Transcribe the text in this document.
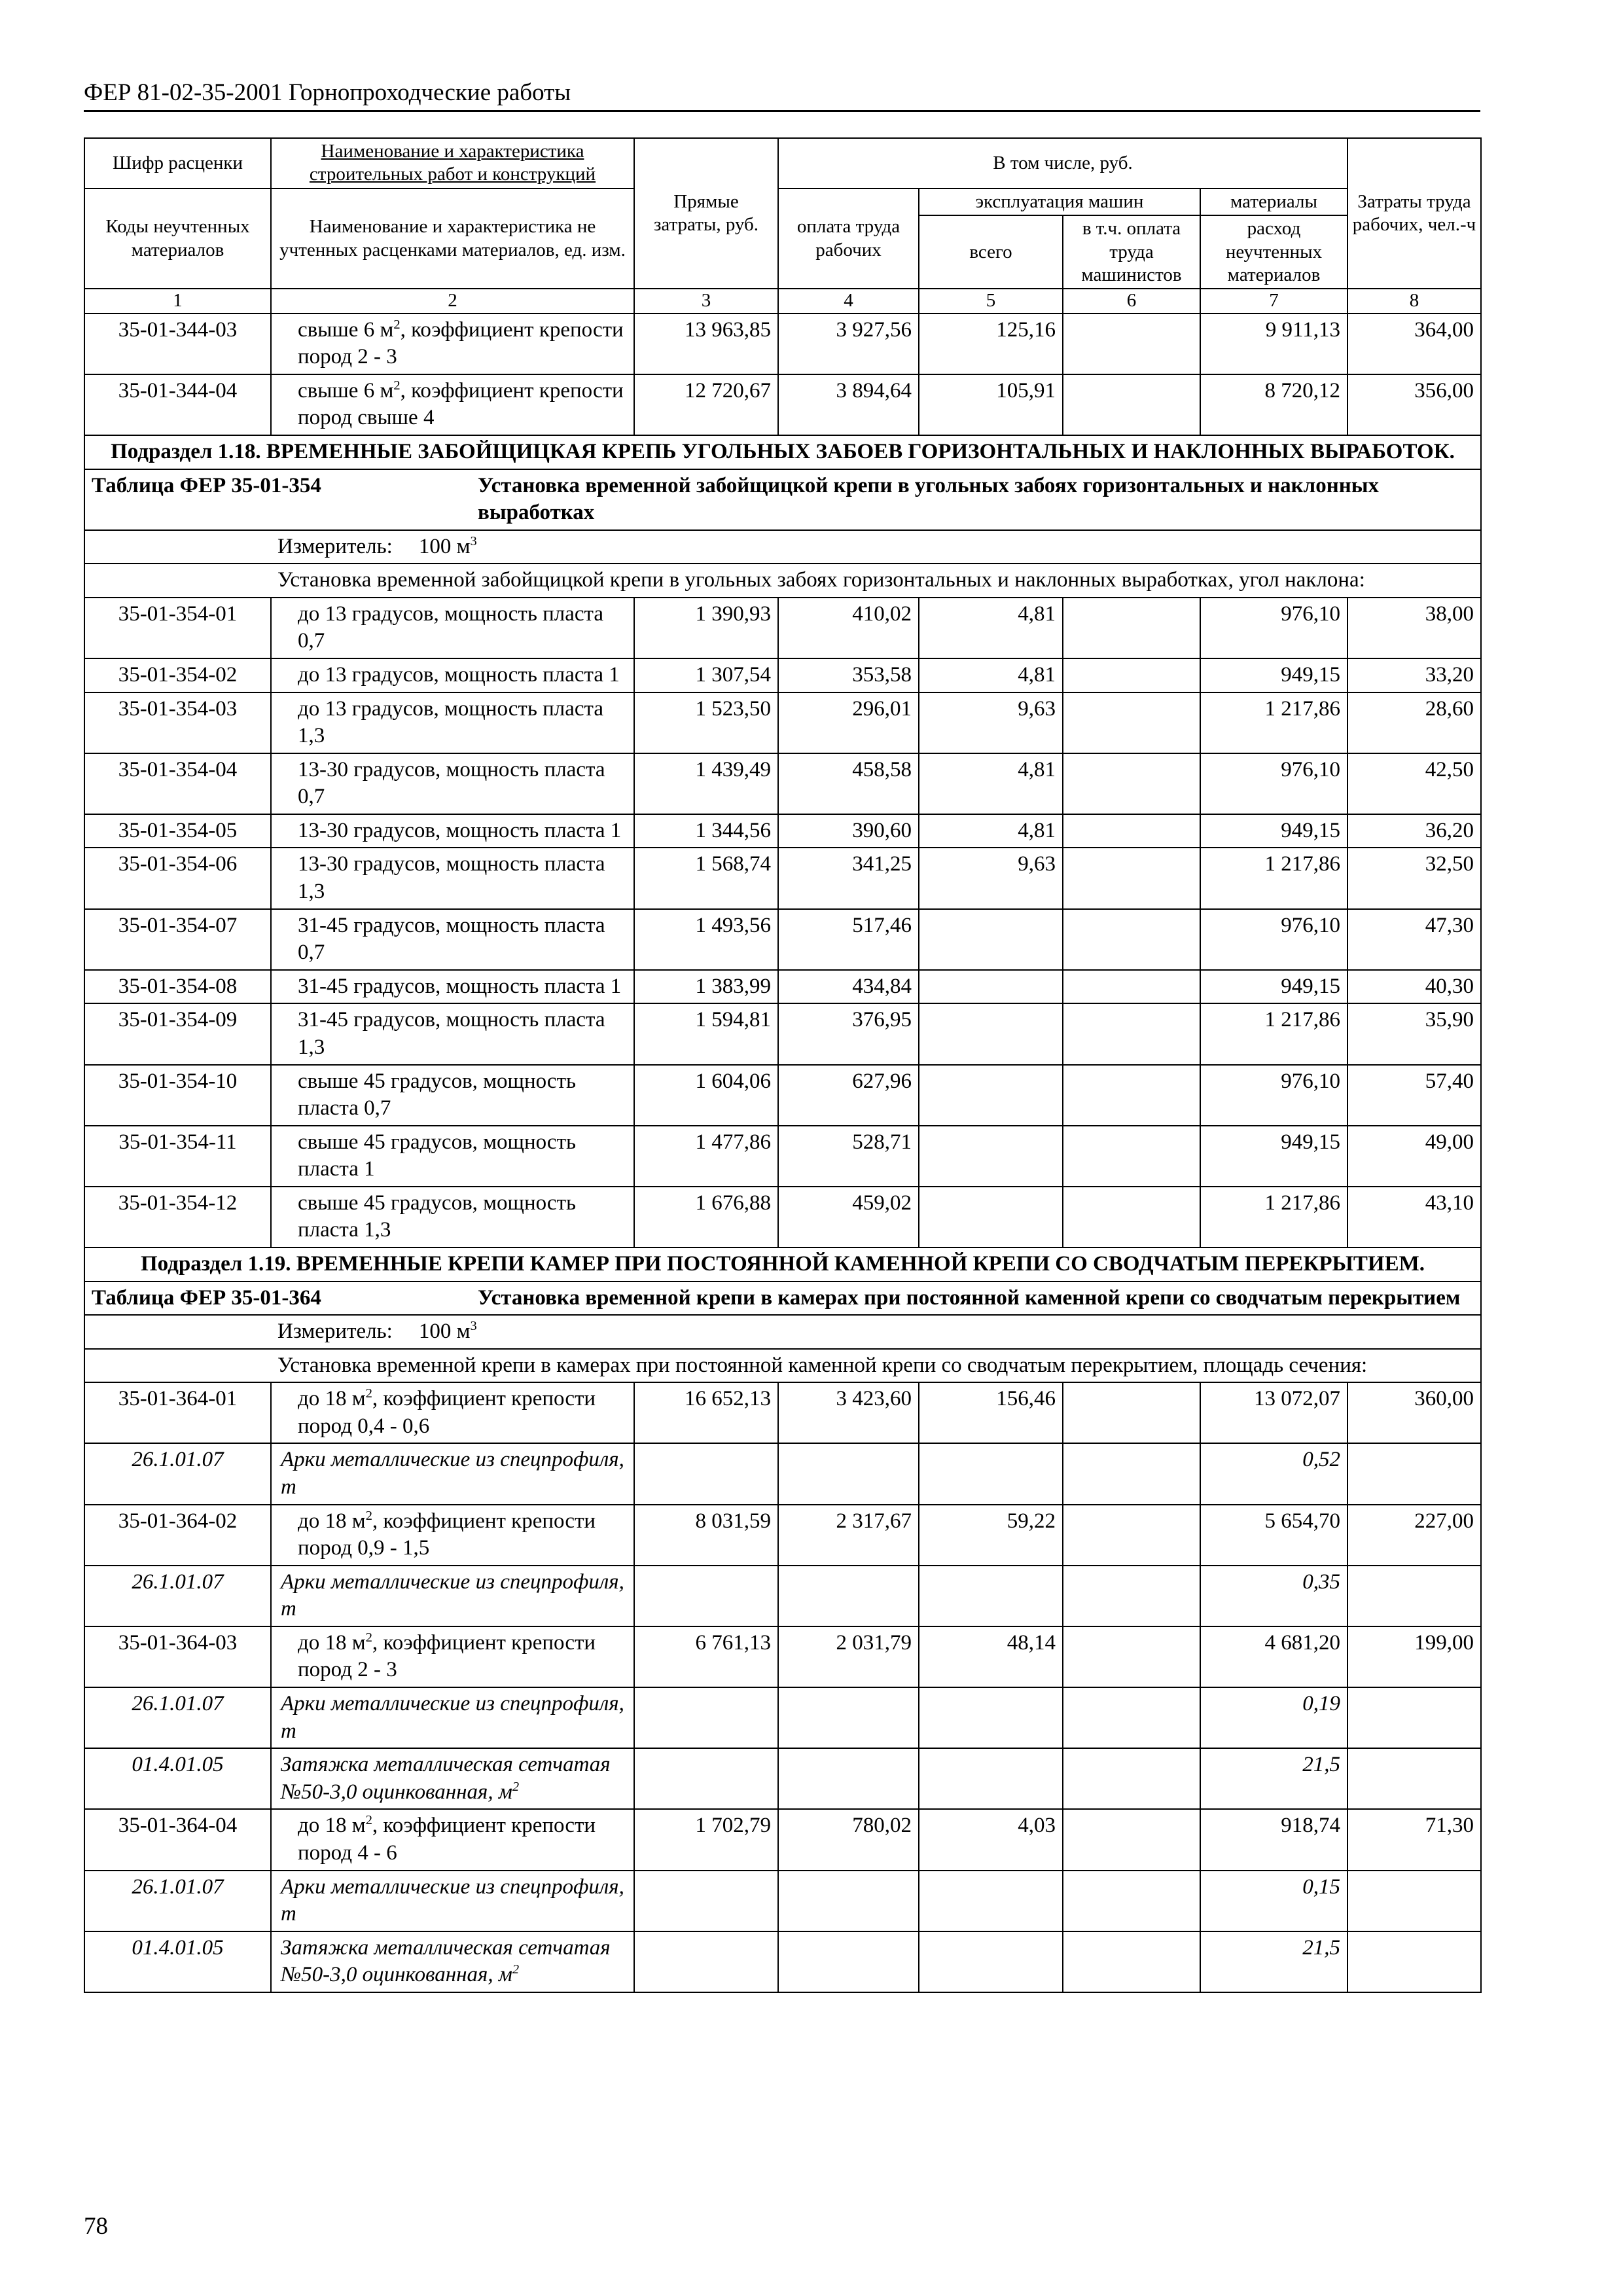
ФЕР 81-02-35-2001 Горнопроходческие работы
Шифр расценки	Наименование и характеристика строительных работ и конструкций	Прямые затраты, руб.	В том числе, руб.				Затраты труда рабочих, чел.-ч
Коды неучтенных материалов	Наименование и характеристика не учтенных расценками материалов, ед. изм.		оплата труда рабочих	эксплуатация машин		материалы	
				всего	в т.ч. оплата труда машинистов	расход неучтенных материалов	
1	2	3	4	5	6	7	8
35-01-344-03	свыше 6 $м^2$, коэффициент крепости пород 2 - 3	13 963,85	3 927,56	125,16		9 911,13	364,00
35-01-344-04	свыше 6 $м^2$, коэффициент крепости пород свыше 4	12 720,67	3 894,64	105,91		8 720,12	356,00
Подраздел 1.18. ВРЕМЕННЫЕ ЗАБОЙЩИЦКАЯ КРЕПЬ УГОЛЬНЫХ ЗАБОЕВ ГОРИЗОНТАЛЬНЫХ И НАКЛОННЫХ ВЫРАБОТОК.							

Таблица ФЕР 35-01-354 Установка временной забойщицкой крепи в угольных забоях горизонтальных и наклонных выработках							

Измеритель: 100 $м^3$
Установка временной забойщицкой крепи в угольных забоях горизонтальных и наклонных выработках, угол наклона:							
35-01-354-01	до 13 градусов, мощность пласта 0,7	1 390,93	410,02	4,81		976,10	38,00
35-01-354-02	до 13 градусов, мощность пласта 1	1 307,54	353,58	4,81		949,15	33,20
35-01-354-03	до 13 градусов, мощность пласта 1,3	1 523,50	296,01	9,63		1 217,86	28,60
35-01-354-04	13-30 градусов, мощность пласта 0,7	1 439,49	458,58	4,81		976,10	42,50
35-01-354-05	13-30 градусов, мощность пласта 1	1 344,56	390,60	4,81		949,15	36,20
35-01-354-06	13-30 градусов, мощность пласта 1,3	1 568,74	341,25	9,63		1 217,86	32,50
35-01-354-07	31-45 градусов, мощность пласта 0,7	1 493,56	517,46			976,10	47,30
35-01-354-08	31-45 градусов, мощность пласта 1	1 383,99	434,84			949,15	40,30
35-01-354-09	31-45 градусов, мощность пласта 1,3	1 594,81	376,95			1 217,86	35,90
35-01-354-10	свыше 45 градусов, мощность пласта 0,7	1 604,06	627,96			976,10	57,40
35-01-354-11	свыше 45 градусов, мощность пласта 1	1 477,86	528,71			949,15	49,00
35-01-354-12	свыше 45 градусов, мощность пласта 1,3	1 676,88	459,02			1 217,86	43,10
Подраздел 1.19. ВРЕМЕННЫЕ КРЕПИ КАМЕР ПРИ ПОСТОЯННОЙ КАМЕННОЙ КРЕПИ СО СВОДЧАТЫМ ПЕРЕКРЫТИЕМ.							

Таблица ФЕР 35-01-364 Установка временной крепи в камерах при постоянной каменной крепи со сводчатым перекрытием							

Измеритель: 100 $м^3$
Установка временной крепи в камерах при постоянной каменной крепи со сводчатым перекрытием, площадь сечения:							
35-01-364-01	до 18 $м^2$, коэффициент крепости пород 0,4 - 0,6	16 652,13	3 423,60	156,46		13 072,07	360,00
26.1.01.07	Арки металлические из спецпрофиля, т					0,52	
35-01-364-02	до 18 $м^2$, коэффициент крепости пород 0,9 - 1,5	8 031,59	2 317,67	59,22		5 654,70	227,00
26.1.01.07	Арки металлические из спецпрофиля, т					0,35	
35-01-364-03	до 18 $м^2$, коэффициент крепости пород 2 - 3	6 761,13	2 031,79	48,14		4 681,20	199,00
26.1.01.07	Арки металлические из спецпрофиля, т					0,19	
01.4.01.05	Затяжка металлическая сетчатая №50-3,0 оцинкованная, $м^2$					21,5	
35-01-364-04	до 18 $м^2$, коэффициент крепости пород 4 - 6	1 702,79	780,02	4,03		918,74	71,30
26.1.01.07	Арки металлические из спецпрофиля, т					0,15	
01.4.01.05	Затяжка металлическая сетчатая №50-3,0 оцинкованная, $м^2$					21,5	
78
